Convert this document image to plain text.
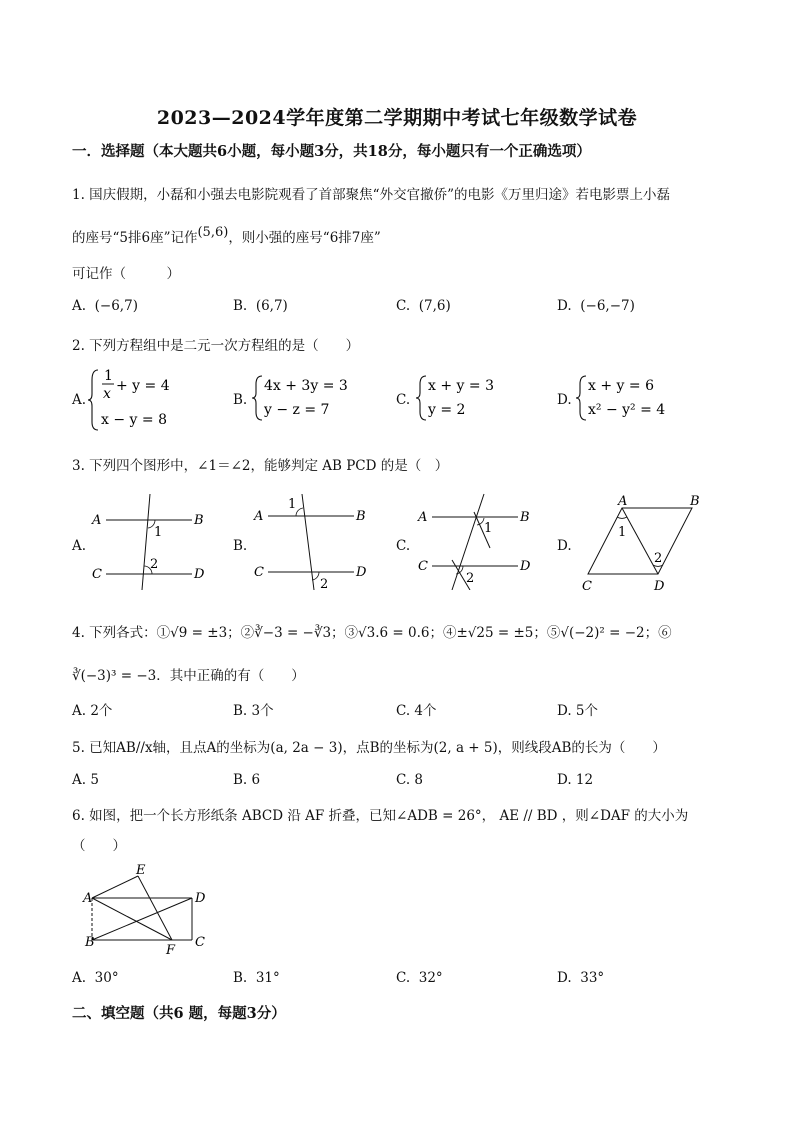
2023—2024学年度第二学期期中考试七年级数学试卷
一．选择题（本大题共6小题，每小题3分，共18分，每小题只有一个正确选项）
1. 国庆假期，小磊和小强去电影院观看了首部聚焦“外交官撤侨”的电影《万里归途》若电影票上小磊
的座号“5排6座”记作(5,6)，则小强的座号“6排7座”
可记作（　　　）
A. (−6,7)	B. (6,7)	C. (7,6)	D. (−6,−7)
2. 下列方程组中是二元一次方程组的是（　　）
A.
1
x + y = 4
x − y = 8
B.
4x + 3y = 3
y − z = 7
C.
x + y = 3
y = 2
D.
x + y = 6
x² − y² = 4
3. 下列四个图形中，∠1＝∠2，能够判定 AB PCD 的是（　）
A.
A	B
C	D
1
2
B.
A	B
C	D
1
2
C.
A	B
C	D
1
2
D.
A	B
C	D
1
2
4. 下列各式：①√9 = ±3；②∛−3 = −∛3；③√3.6 = 0.6；④±√25 = ±5；⑤√(−2)² = −2；⑥
∛(−3)³ = −3．其中正确的有（　　）
A. 2个	B. 3个	C. 4个	D. 5个
5. 已知AB//x轴，且点A的坐标为(a, 2a − 3)，点B的坐标为(2, a + 5)，则线段AB的长为（　　）
A. 5	B. 6	C. 8	D. 12
6. 如图，把一个长方形纸条 ABCD 沿 AF 折叠，已知∠ADB = 26°， AE // BD ，则∠DAF 的大小为
（　　）
A
B	C
D
E
F
A. 30°	B. 31°	C. 32°	D. 33°
二、填空题（共6 题，每题3分）
